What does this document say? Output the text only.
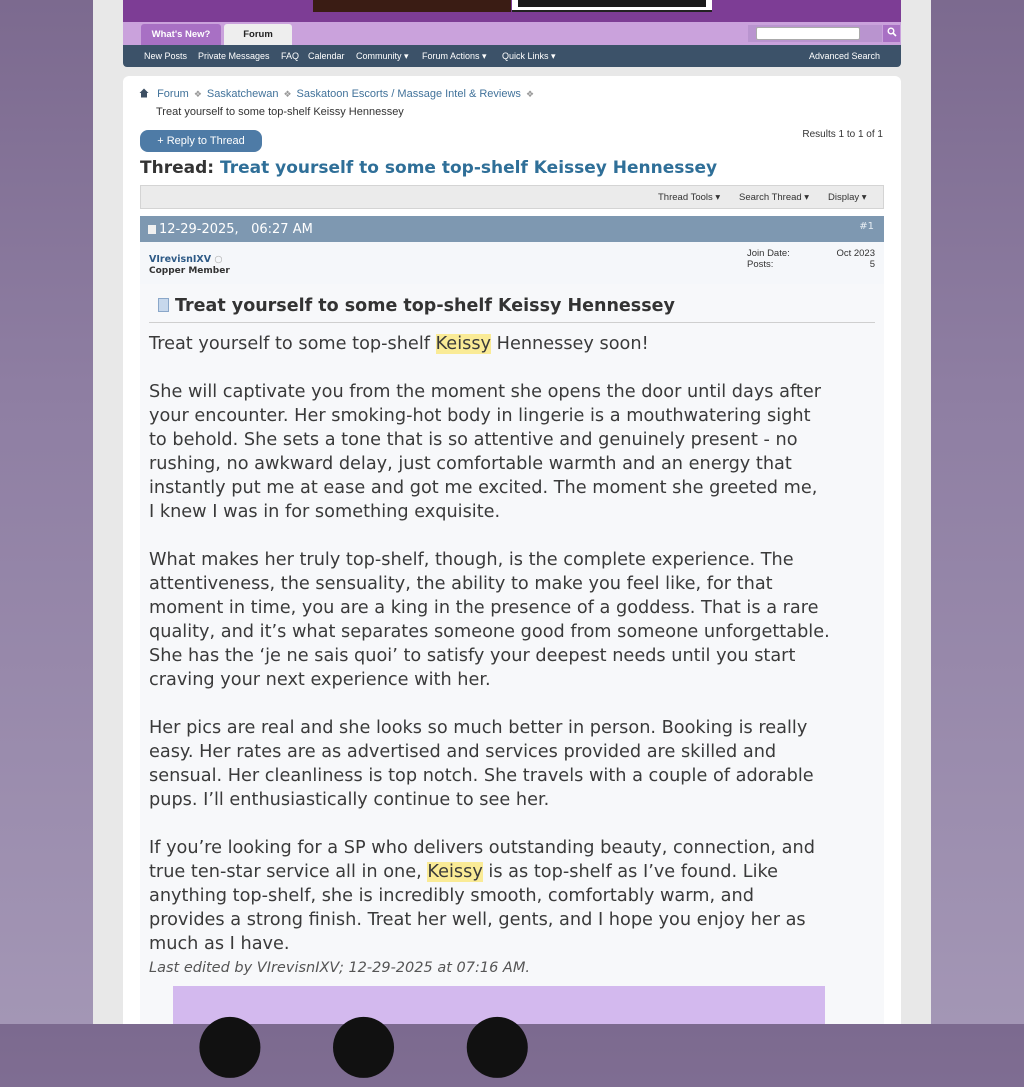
What's New?	Forum
New Posts Private Messages FAQ Calendar Community ▾ Forum Actions ▾ Quick Links ▾	Advanced Search
Forum ❖ Saskatchewan ❖ Saskatoon Escorts / Massage Intel & Reviews ❖
Treat yourself to some top-shelf Keissy Hennessey
+ Reply to Thread
Results 1 to 1 of 1
Thread: Treat yourself to some top-shelf Keissey Hennessey
Thread Tools ▾ Search Thread ▾ Display ▾
12-29-2025, 06:27 AM	#1
VIrevisnIXV ○
Copper Member
Join Date:	Oct 2023
Posts:	5
Treat yourself to some top-shelf Keissy Hennessey

Treat yourself to some top-shelf Keissy Hennessey soon!

She will captivate you from the moment she opens the door until days after
your encounter. Her smoking-hot body in lingerie is a mouthwatering sight
to behold. She sets a tone that is so attentive and genuinely present - no
rushing, no awkward delay, just comfortable warmth and an energy that
instantly put me at ease and got me excited. The moment she greeted me,
I knew I was in for something exquisite.

What makes her truly top-shelf, though, is the complete experience. The
attentiveness, the sensuality, the ability to make you feel like, for that
moment in time, you are a king in the presence of a goddess. That is a rare
quality, and it’s what separates someone good from someone unforgettable.
She has the ‘je ne sais quoi’ to satisfy your deepest needs until you start
craving your next experience with her.

Her pics are real and she looks so much better in person. Booking is really
easy. Her rates are as advertised and services provided are skilled and
sensual. Her cleanliness is top notch. She travels with a couple of adorable
pups. I’ll enthusiastically continue to see her.

If you’re looking for a SP who delivers outstanding beauty, connection, and
true ten-star service all in one, Keissy is as top-shelf as I’ve found. Like
anything top-shelf, she is incredibly smooth, comfortably warm, and
provides a strong finish. Treat her well, gents, and I hope you enjoy her as
much as I have.

Last edited by VIrevisnIXV; 12-29-2025 at 07:16 AM.
● ● ●
